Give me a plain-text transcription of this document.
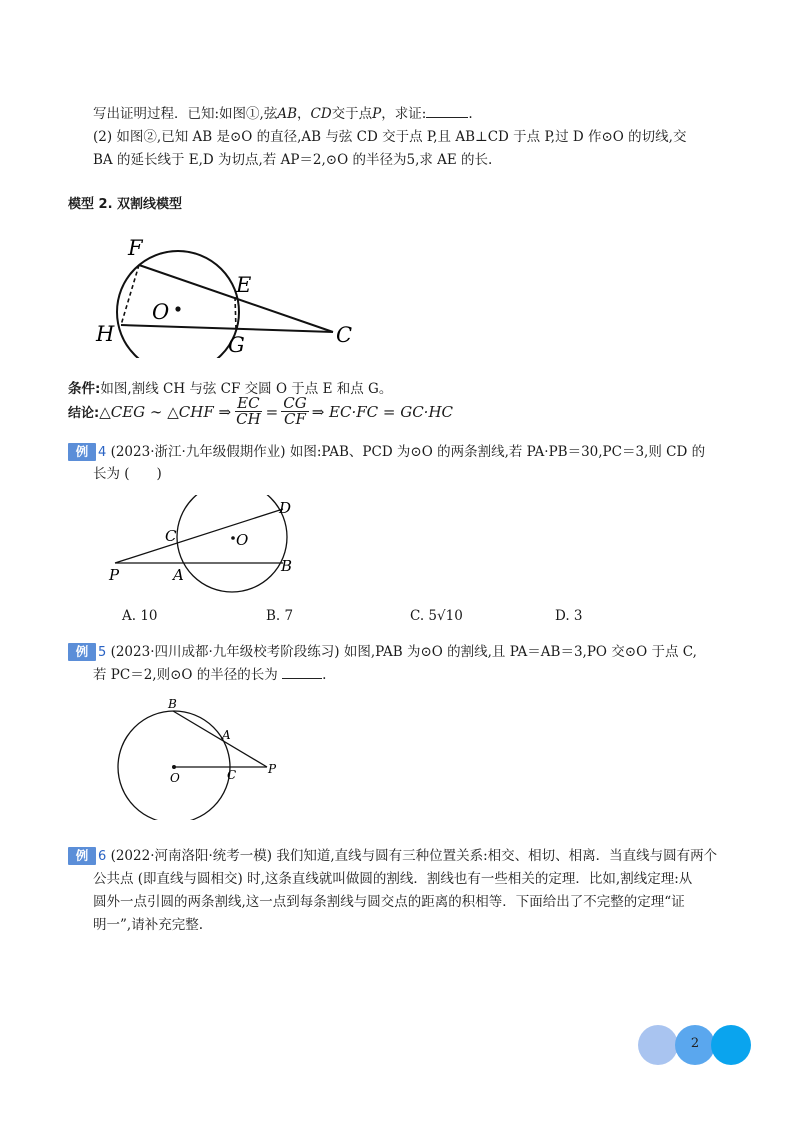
写出证明过程．已知:如图①,弦AB，CD交于点P，求证:	.
(2) 如图②,已知 AB 是⊙O 的直径,AB 与弦 CD 交于点 P,且 AB⊥CD 于点 P,过 D 作⊙O 的切线,交
BA 的延长线于 E,D 为切点,若 AP＝2,⊙O 的半径为5,求 AE 的长.
模型 2. 双割线模型
F
E
O
H	G	C
条件:如图,割线 CH 与弦 CF 交圆 O 于点 E 和点 G。
结论: △CEG ∼ △CHF ⇒ $\frac{EC}{CH} = \frac{CG}{CF}$ ⇒ EC·FC = GC·HC
例 4 (2023·浙江·九年级假期作业) 如图:PAB、PCD 为⊙O 的两条割线,若 PA·PB＝30,PC＝3,则 CD 的
长为 (　　)
D
C	O
P	A	B
A. 10	B. 7	C. 5√10	D. 3
例 5 (2023·四川成都·九年级校考阶段练习) 如图,PAB 为⊙O 的割线,且 PA＝AB＝3,PO 交⊙O 于点 C,
若 PC＝2,则⊙O 的半径的长为	.
B
A
O	C	P
例 6 (2022·河南洛阳·统考一模) 我们知道,直线与圆有三种位置关系:相交、相切、相离．当直线与圆有两个
公共点 (即直线与圆相交) 时,这条直线就叫做圆的割线．割线也有一些相关的定理．比如,割线定理:从
圆外一点引圆的两条割线,这一点到每条割线与圆交点的距离的积相等．下面给出了不完整的定理“证
明一”,请补充完整.
2
